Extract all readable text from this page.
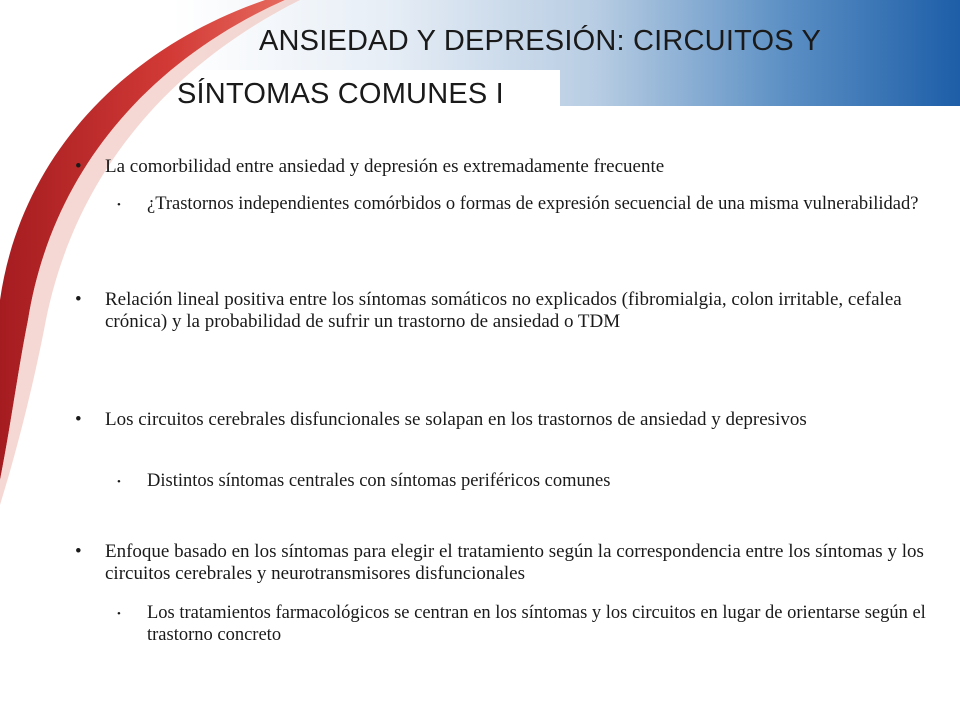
ANSIEDAD Y DEPRESIÓN: CIRCUITOS Y
SÍNTOMAS COMUNES I
• La comorbilidad entre ansiedad y depresión es extremadamente frecuente
• ¿Trastornos independientes comórbidos o formas de expresión secuencial de una misma vulnerabilidad?
• Relación lineal positiva entre los síntomas somáticos no explicados (fibromialgia, colon irritable, cefalea crónica) y la probabilidad de sufrir un trastorno de ansiedad o TDM
• Los circuitos cerebrales disfuncionales se solapan en los trastornos de ansiedad y depresivos
• Distintos síntomas centrales con síntomas periféricos comunes
• Enfoque basado en los síntomas para elegir el tratamiento según la correspondencia entre los síntomas y los circuitos cerebrales y neurotransmisores disfuncionales
• Los tratamientos farmacológicos se centran en los síntomas y los circuitos en lugar de orientarse según el trastorno concreto
